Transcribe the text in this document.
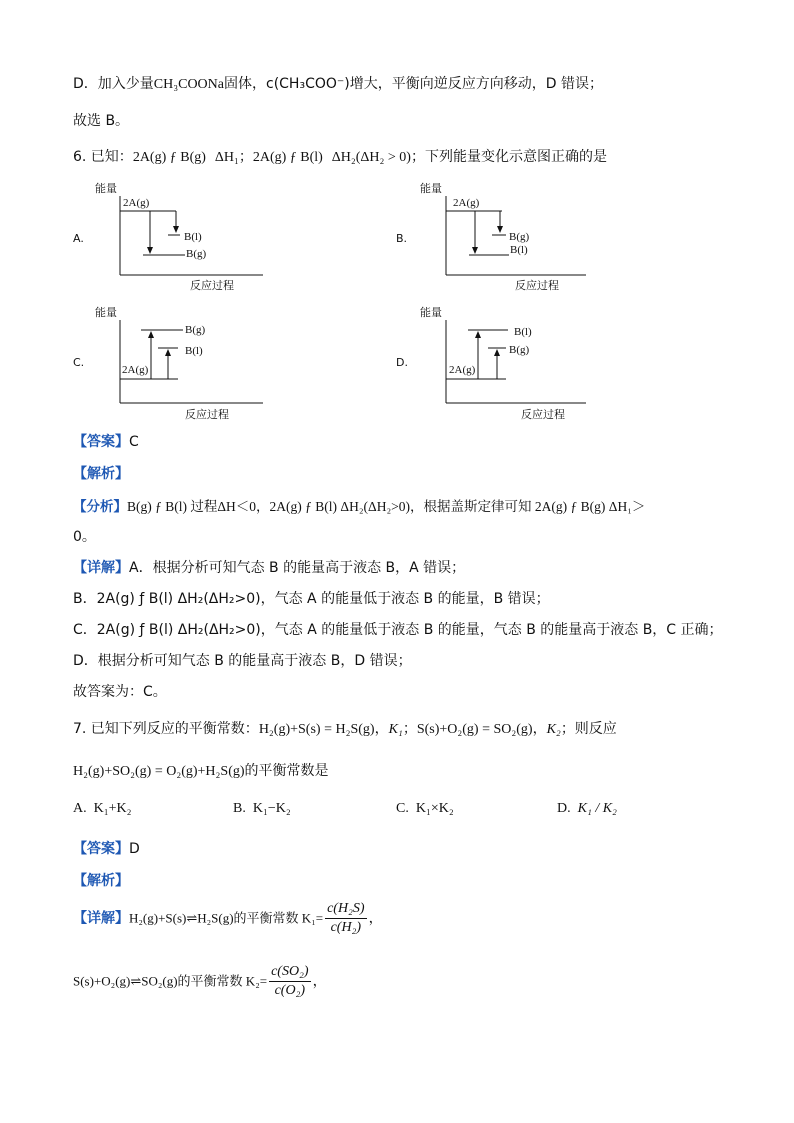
D．加入少量CH₃COONa固体，c(CH₃COO⁻)增大，平衡向逆反应方向移动，D 错误；
故选 B。
6. 已知：2A(g) ƒ B(g) ΔH₁；2A(g) ƒ B(l) ΔH₂(ΔH₂ > 0)；下列能量变化示意图正确的是
A.
能量
反应过程
2A(g)
B(l)
B(g)
B.
能量
反应过程
2A(g)
B(g)
B(l)
C.
能量
反应过程
B(g)
B(l)
2A(g)
D.
能量
反应过程
B(l)
B(g)
2A(g)
【答案】C
【解析】
【分析】B(g) ƒ B(l) 过程ΔH＜0，2A(g) ƒ B(l) ΔH₂(ΔH₂>0)，根据盖斯定律可知 2A(g) ƒ B(g) ΔH₁＞
0。
【详解】A．根据分析可知气态 B 的能量高于液态 B，A 错误；
B．2A(g) ƒ B(l) ΔH₂(ΔH₂>0)，气态 A 的能量低于液态 B 的能量，B 错误；
C．2A(g) ƒ B(l) ΔH₂(ΔH₂>0)，气态 A 的能量低于液态 B 的能量，气态 B 的能量高于液态 B，C 正确；
D．根据分析可知气态 B 的能量高于液态 B，D 错误；
故答案为：C。
7. 已知下列反应的平衡常数：H₂(g)+S(s) = H₂S(g)，K₁；S(s)+O₂(g) = SO₂(g)，K₂；则反应
H₂(g)+SO₂(g) = O₂(g)+H₂S(g)的平衡常数是
A. K₁+K₂	B. K₁−K₂	C. K₁×K₂	D. K₁ / K₂
【答案】D
【解析】
【详解】H₂(g)+S(s)⇌H₂S(g)的平衡常数 $K_1= \frac{\text{c(H₂S)}}{\text{c(H₂)}}$ ，
S(s)+O₂(g)⇌SO₂(g)的平衡常数 $K_2= \frac{\text{c(SO₂)}}{\text{c(O₂)}}$ ，
